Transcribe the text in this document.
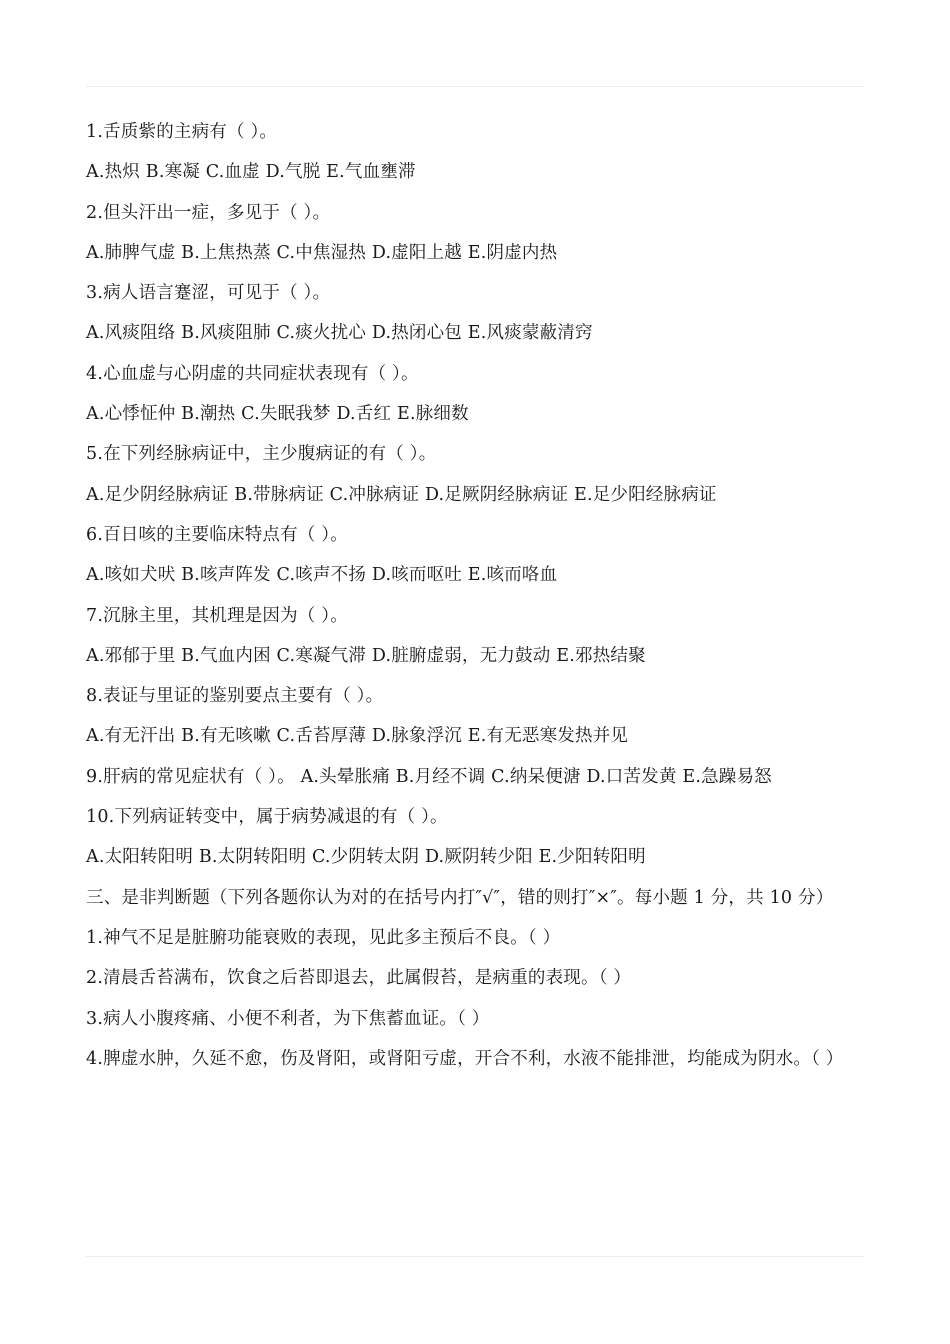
1.舌质紫的主病有（ ）。
A.热炽 B.寒凝 C.血虚 D.气脱 E.气血壅滞
2.但头汗出一症，多见于（ ）。
A.肺脾气虚 B.上焦热蒸 C.中焦湿热 D.虚阳上越 E.阴虚内热
3.病人语言蹇涩，可见于（ ）。
A.风痰阻络 B.风痰阻肺 C.痰火扰心 D.热闭心包 E.风痰蒙蔽清窍
4.心血虚与心阴虚的共同症状表现有（ ）。
A.心悸怔仲 B.潮热 C.失眠我梦 D.舌红 E.脉细数
5.在下列经脉病证中，主少腹病证的有（ ）。
A.足少阴经脉病证 B.带脉病证 C.冲脉病证 D.足厥阴经脉病证 E.足少阳经脉病证
6.百日咳的主要临床特点有（ ）。
A.咳如犬吠 B.咳声阵发 C.咳声不扬 D.咳而呕吐 E.咳而咯血
7.沉脉主里，其机理是因为（ ）。
A.邪郁于里 B.气血内困 C.寒凝气滞 D.脏腑虚弱，无力鼓动 E.邪热结聚
8.表证与里证的鉴别要点主要有（ ）。
A.有无汗出 B.有无咳嗽 C.舌苔厚薄 D.脉象浮沉 E.有无恶寒发热并见
9.肝病的常见症状有（ ）。 A.头晕胀痛 B.月经不调 C.纳呆便溏 D.口苦发黄 E.急躁易怒
10.下列病证转变中，属于病势减退的有（ ）。
A.太阳转阳明 B.太阴转阳明 C.少阴转太阴 D.厥阴转少阳 E.少阳转阳明
三、是非判断题（下列各题你认为对的在括号内打″√″，错的则打″×″。每小题 1 分，共 10 分）
1.神气不足是脏腑功能衰败的表现，见此多主预后不良。（ ）
2.清晨舌苔满布，饮食之后苔即退去，此属假苔，是病重的表现。（ ）
3.病人小腹疼痛、小便不利者，为下焦蓄血证。（ ）
4.脾虚水肿，久延不愈，伤及肾阳，或肾阳亏虚，开合不利，水液不能排泄，均能成为阴水。（ ）
